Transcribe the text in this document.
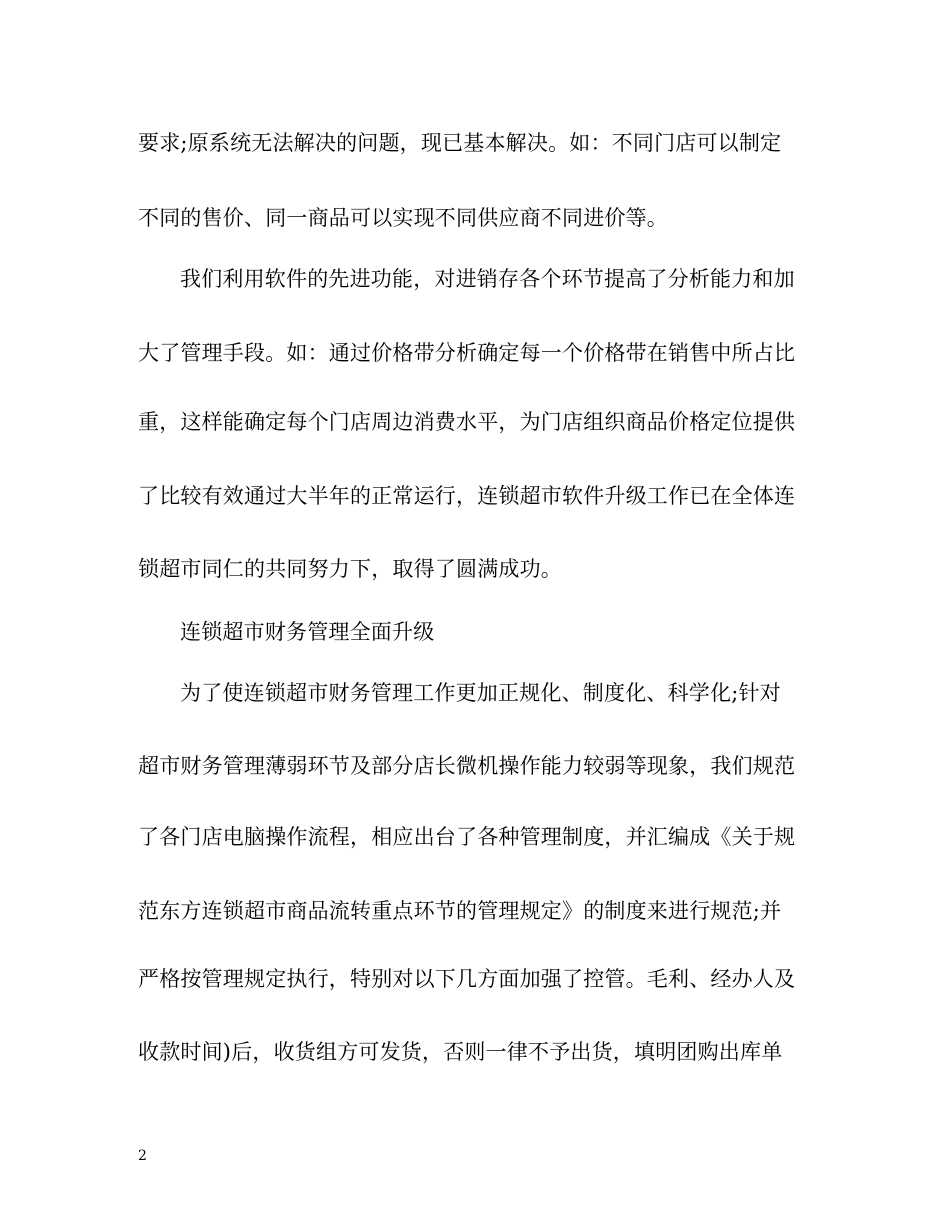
要求;原系统无法解决的问题，现已基本解决。如：不同门店可以制定
不同的售价、同一商品可以实现不同供应商不同进价等。
我们利用软件的先进功能，对进销存各个环节提高了分析能力和加
大了管理手段。如：通过价格带分析确定每一个价格带在销售中所占比
重，这样能确定每个门店周边消费水平，为门店组织商品价格定位提供
了比较有效通过大半年的正常运行，连锁超市软件升级工作已在全体连
锁超市同仁的共同努力下，取得了圆满成功。
连锁超市财务管理全面升级
为了使连锁超市财务管理工作更加正规化、制度化、科学化;针对
超市财务管理薄弱环节及部分店长微机操作能力较弱等现象，我们规范
了各门店电脑操作流程，相应出台了各种管理制度，并汇编成《关于规
范东方连锁超市商品流转重点环节的管理规定》的制度来进行规范;并
严格按管理规定执行，特别对以下几方面加强了控管。毛利、经办人及
收款时间)后，收货组方可发货，否则一律不予出货，填明团购出库单
2
